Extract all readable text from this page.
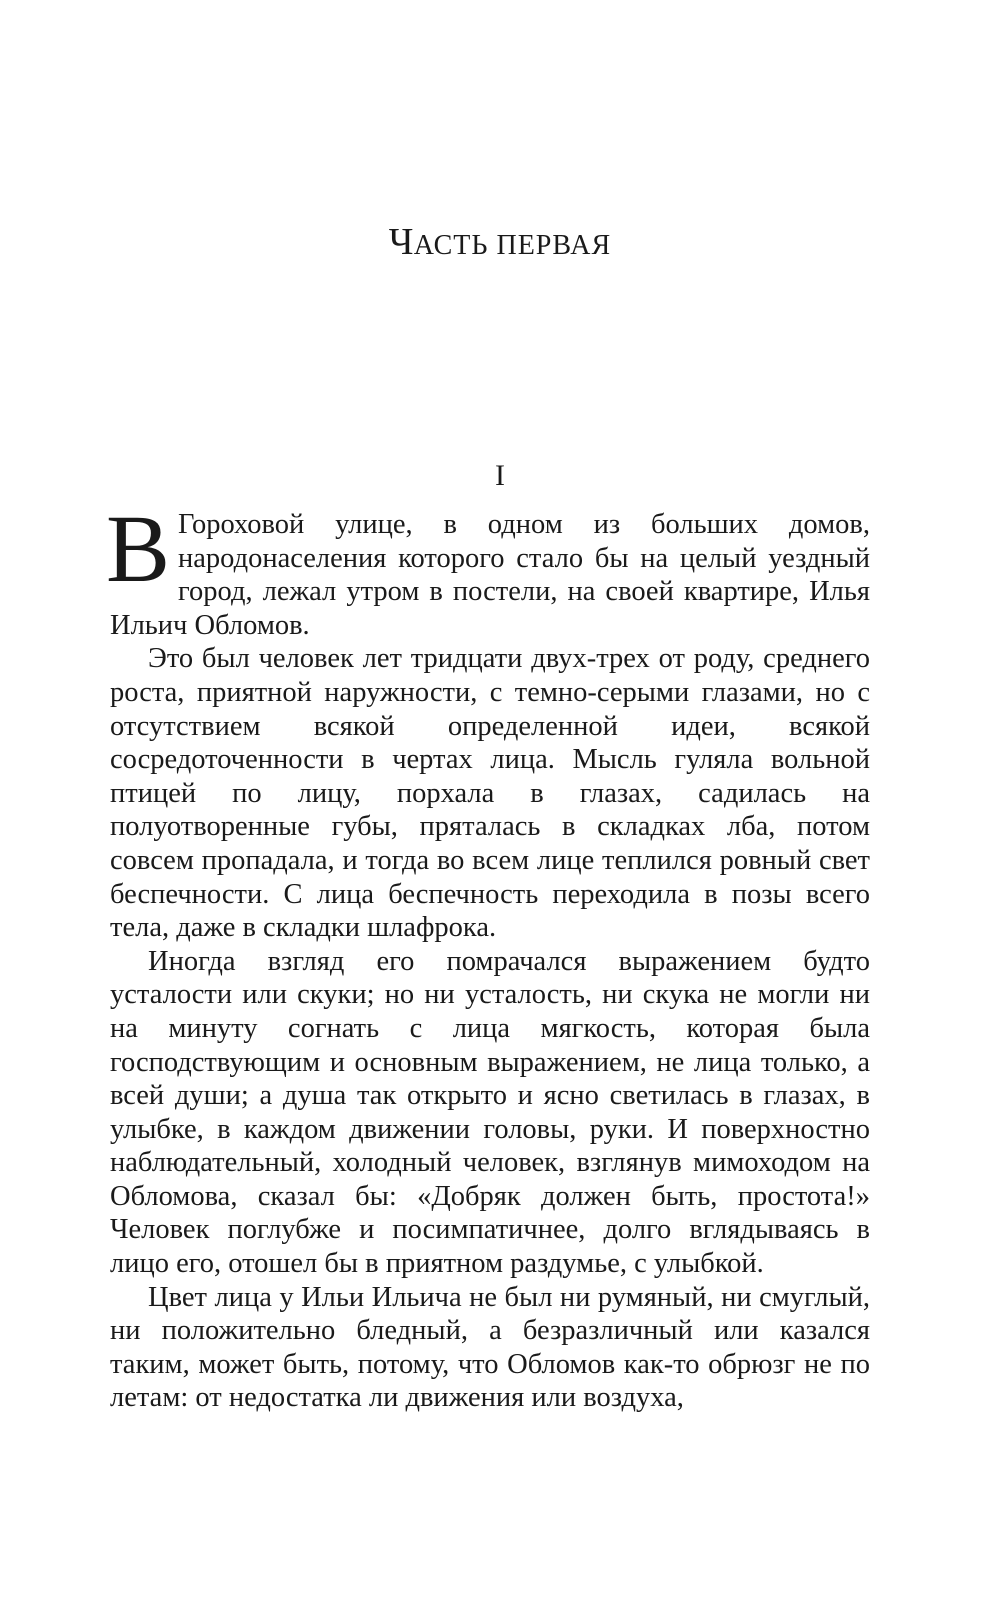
ЧАСТЬ ПЕРВАЯ
I

В Гороховой улице, в одном из больших домов, народонаселения которого стало бы на целый уездный город, лежал утром в постели, на своей квартире, Илья Ильич Обломов.

Это был человек лет тридцати двух-трех от роду, среднего роста, приятной наружности, с темно-серыми глазами, но с отсутствием всякой определенной идеи, всякой сосредоточенности в чертах лица. Мысль гуляла вольной птицей по лицу, порхала в глазах, садилась на полуотворенные губы, пряталась в складках лба, потом совсем пропадала, и тогда во всем лице теплился ровный свет беспечности. С лица беспечность переходила в позы всего тела, даже в складки шлафрока.

Иногда взгляд его помрачался выражением будто усталости или скуки; но ни усталость, ни скука не могли ни на минуту согнать с лица мягкость, которая была господствующим и основным выражением, не лица только, а всей души; а душа так открыто и ясно светилась в глазах, в улыбке, в каждом движении головы, руки. И поверхностно наблюдательный, холодный человек, взглянув мимоходом на Обломова, сказал бы: «Добряк должен быть, простота!» Человек поглубже и посимпатичнее, долго вглядываясь в лицо его, отошел бы в приятном раздумье, с улыбкой.

Цвет лица у Ильи Ильича не был ни румяный, ни смуглый, ни положительно бледный, а безразличный или казался таким, может быть, потому, что Обломов как-то обрюзг не по летам: от недостатка ли движения или воздуха,
